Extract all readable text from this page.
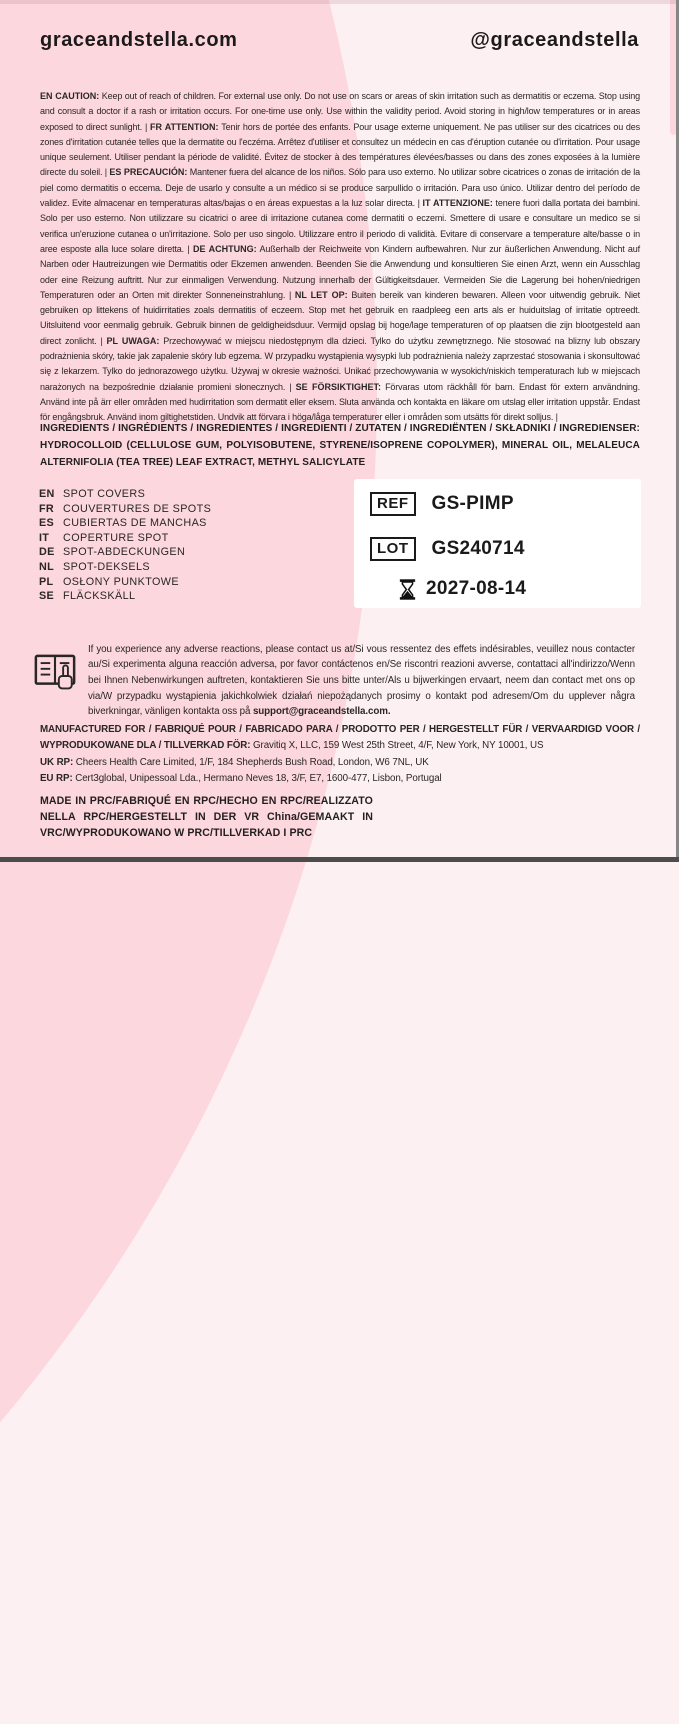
graceandstella.com	@graceandstella

EN CAUTION: Keep out of reach of children. For external use only. Do not use on scars or areas of skin irritation such as dermatitis or eczema. Stop using and consult a doctor if a rash or irritation occurs. For one-time use only. Use within the validity period. Avoid storing in high/low temperatures or in areas exposed to direct sunlight. | FR ATTENTION: Tenir hors de portée des enfants. Pour usage externe uniquement. Ne pas utiliser sur des cicatrices ou des zones d'irritation cutanée telles que la dermatite ou l'eczéma. Arrêtez d'utiliser et consultez un médecin en cas d'éruption cutanée ou d'irritation. Pour usage unique seulement. Utiliser pendant la période de validité. Évitez de stocker à des températures élevées/basses ou dans des zones exposées à la lumière directe du soleil. | ES PRECAUCIÓN: Mantener fuera del alcance de los niños. Sólo para uso externo. No utilizar sobre cicatrices o zonas de irritación de la piel como dermatitis o eccema. Deje de usarlo y consulte a un médico si se produce sarpullido o irritación. Para uso único. Utilizar dentro del período de validez. Evite almacenar en temperaturas altas/bajas o en áreas expuestas a la luz solar directa. | IT ATTENZIONE: tenere fuori dalla portata dei bambini. Solo per uso esterno. Non utilizzare su cicatrici o aree di irritazione cutanea come dermatiti o eczemi. Smettere di usare e consultare un medico se si verifica un'eruzione cutanea o un'irritazione. Solo per uso singolo. Utilizzare entro il periodo di validità. Evitare di conservare a temperature alte/basse o in aree esposte alla luce solare diretta. | DE ACHTUNG: Außerhalb der Reichweite von Kindern aufbewahren. Nur zur äußerlichen Anwendung. Nicht auf Narben oder Hautreizungen wie Dermatitis oder Ekzemen anwenden. Beenden Sie die Anwendung und konsultieren Sie einen Arzt, wenn ein Ausschlag oder eine Reizung auftritt. Nur zur einmaligen Verwendung. Nutzung innerhalb der Gültigkeitsdauer. Vermeiden Sie die Lagerung bei hohen/niedrigen Temperaturen oder an Orten mit direkter Sonneneinstrahlung. | NL LET OP: Buiten bereik van kinderen bewaren. Alleen voor uitwendig gebruik. Niet gebruiken op littekens of huidirritaties zoals dermatitis of eczeem. Stop met het gebruik en raadpleeg een arts als er huiduitslag of irritatie optreedt. Uitsluitend voor eenmalig gebruik. Gebruik binnen de geldigheidsduur. Vermijd opslag bij hoge/lage temperaturen of op plaatsen die zijn blootgesteld aan direct zonlicht. | PL UWAGA: Przechowywać w miejscu niedostępnym dla dzieci. Tylko do użytku zewnętrznego. Nie stosować na blizny lub obszary podrażnienia skóry, takie jak zapalenie skóry lub egzema. W przypadku wystąpienia wysypki lub podrażnienia należy zaprzestać stosowania i skonsultować się z lekarzem. Tylko do jednorazowego użytku. Używaj w okresie ważności. Unikać przechowywania w wysokich/niskich temperaturach lub w miejscach narażonych na bezpośrednie działanie promieni słonecznych. | SE FÖRSIKTIGHET: Förvaras utom räckhåll för barn. Endast för extern användning. Använd inte på ärr eller områden med hudirritation som dermatit eller eksem. Sluta använda och kontakta en läkare om utslag eller irritation uppstår. Endast för engångsbruk. Använd inom giltighetstiden. Undvik att förvara i höga/låga temperaturer eller i områden som utsätts för direkt solljus. |

INGREDIENTS / INGRÉDIENTS / INGREDIENTES / INGREDIENTI / ZUTATEN / INGREDIËNTEN / SKŁADNIKI / INGREDIENSER:
HYDROCOLLOID (CELLULOSE GUM, POLYISOBUTENE, STYRENE/ISOPRENE COPOLYMER), MINERAL OIL, MELALEUCA ALTERNIFOLIA (TEA TREE) LEAF EXTRACT, METHYL SALICYLATE
EN SPOT COVERS
FR COUVERTURES DE SPOTS
ES CUBIERTAS DE MANCHAS
IT	COPERTURE SPOT
DE SPOT-ABDECKUNGEN
NL SPOT-DEKSELS
PL OSŁONY PUNKTOWE
SE FLÄCKSKÄLL
REF	GS-PIMP
LOT	GS240714
2027-08-14

If you experience any adverse reactions, please contact us at/Si vous ressentez des effets indésirables, veuillez nous contacter au/Si experimenta alguna reacción adversa, por favor contáctenos en/Se riscontri reazioni avverse, contattaci all'indirizzo/Wenn bei Ihnen Nebenwirkungen auftreten, kontaktieren Sie uns bitte unter/Als u bijwerkingen ervaart, neem dan contact met ons op via/W przypadku wystąpienia jakichkolwiek działań niepożądanych prosimy o kontakt pod adresem/Om du upplever några biverkningar, vänligen kontakta oss på support@graceandstella.com.

MANUFACTURED FOR / FABRIQUÉ POUR / FABRICADO PARA / PRODOTTO PER / HERGESTELLT FÜR / VERVAARDIGD VOOR / WYPRODUKOWANE DLA / TILLVERKAD FÖR: Gravitiq X, LLC, 159 West 25th Street, 4/F, New York, NY 10001, US
UK RP: Cheers Health Care Limited, 1/F, 184 Shepherds Bush Road, London, W6 7NL, UK
EU RP: Cert3global, Unipessoal Lda., Hermano Neves 18, 3/F, E7, 1600-477, Lisbon, Portugal
MADE IN PRC/FABRIQUÉ EN RPC/HECHO EN RPC/REALIZZATO
NELLA RPC/HERGESTELLT IN DER VR China/GEMAAKT IN
VRC/WYPRODUKOWANO W PRC/TILLVERKAD I PRC
